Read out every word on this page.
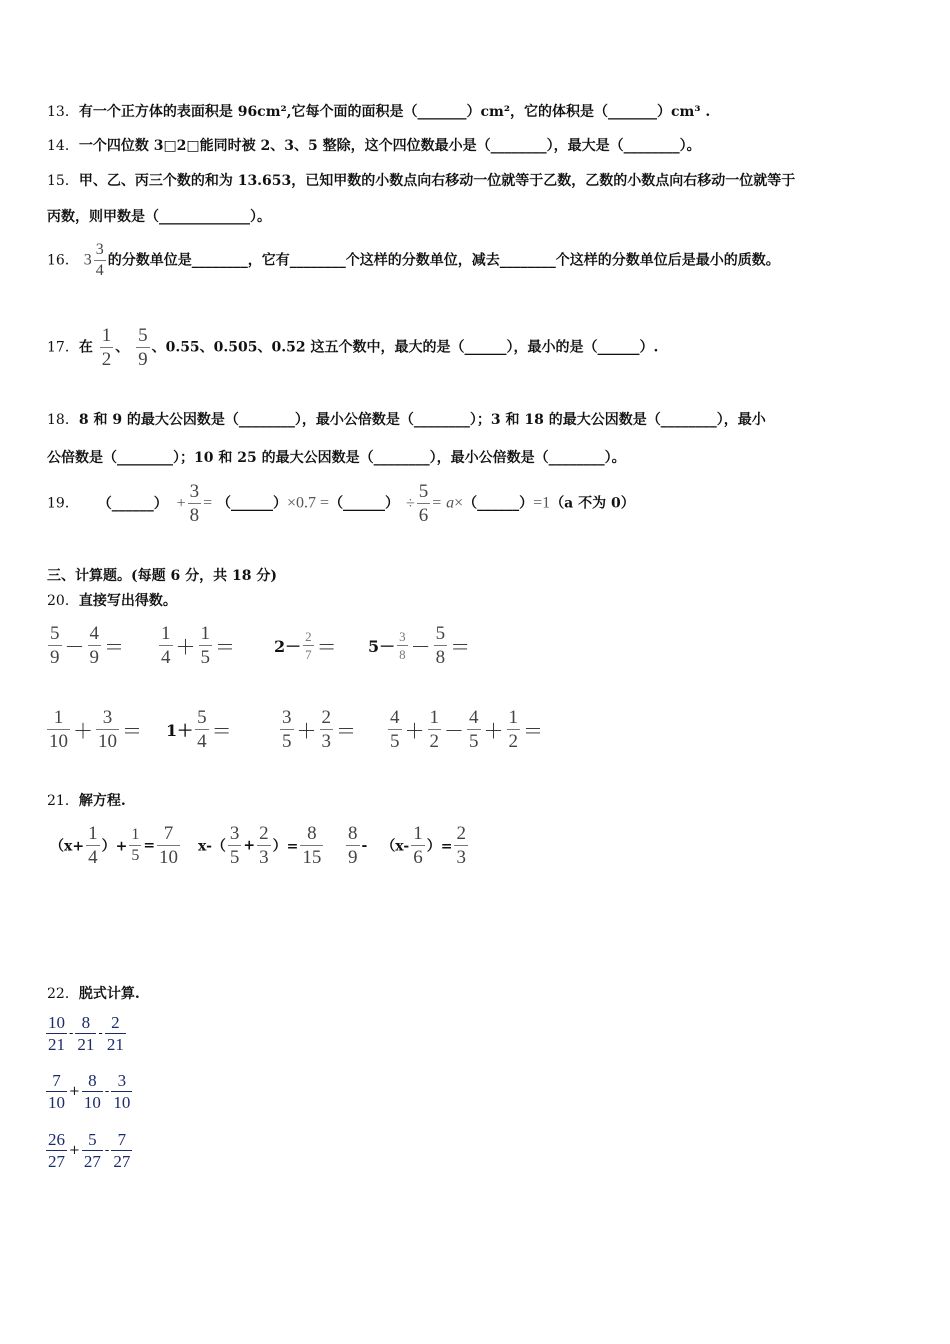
13．有一个正方体的表面积是 96cm²,它每个面的面积是（_______）cm²，它的体积是（_______）cm³ .
14．一个四位数 3□2□能同时被 2、3、5 整除，这个四位数最小是（________），最大是（________）。
15．甲、乙、丙三个数的和为 13.653，已知甲数的小数点向右移动一位就等于乙数，乙数的小数点向右移动一位就等于
丙数，则甲数是（_____________）。
16． $3 \frac{3}{4}$ 的分数单位是________，它有________个这样的分数单位，减去________个这样的分数单位后是最小的质数。
17．在 $\frac{1}{2}$ 、 $\frac{5}{9}$ 、0.55、0.505、0.52 这五个数中，最大的是（______），最小的是（______）.
18．8 和 9 的最大公因数是（________），最小公倍数是（________）；3 和 18 的最大公因数是（________），最小
公倍数是（________）；10 和 25 的最大公因数是（________），最小公倍数是（________）。
19． （______） + $\frac{3}{8}$ = （______）×0.7 =（______） ÷ $\frac{5}{6}$ = a×（______）=1（a 不为 0）
三、计算题。(每题 6 分，共 18 分)
20．直接写出得数。
$\frac{5}{9} - \frac{4}{9} = \frac{1}{4} + \frac{1}{5} = 2- \frac{2}{7} = 5- \frac{3}{8} - \frac{5}{8}$ ＝
$\frac{1}{10} + \frac{3}{10} = 1+ \frac{5}{4}$ ＝	$\frac{3}{5} + \frac{2}{3} = \frac{4}{5} + \frac{1}{2} - \frac{4}{5} + \frac{1}{2}$ ＝
21．解方程.
（$x+ \frac{1}{4}$ ）+ $\frac{1}{5} = \frac{7}{10} x-( \frac{3}{5} + \frac{2}{3}$ ）= $\frac{8}{15} \frac{8}{9} - (x- \frac{1}{6}$ ）= $\frac{2}{3}$
22．脱式计算.
$\frac{10}{21} - \frac{8}{21} - \frac{2}{21}$
$\frac{7}{10} + \frac{8}{10} - \frac{3}{10}$
$\frac{26}{27} + \frac{5}{27} - \frac{7}{27}$
